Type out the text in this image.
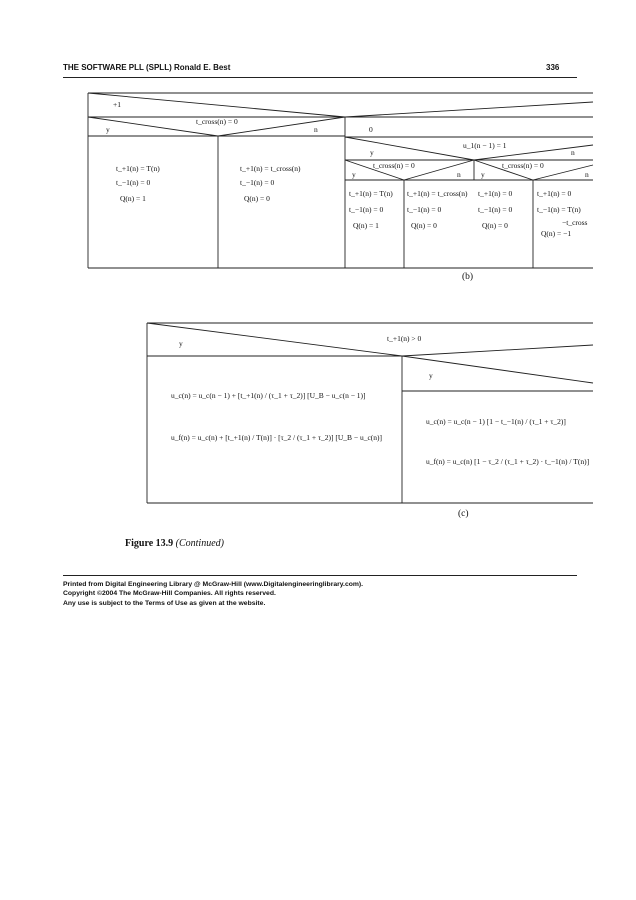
THE SOFTWARE PLL (SPLL) Ronald E. Best	336
+1
t_cross(n) = 0
y	n	0
u_1(n − 1) = 1
y	n
t_cross(n) = 0	t_cross(n) = 0
y	n	y	n
t_+1(n) = T(n)
t_−1(n) = 0
Q(n) = 1
t_+1(n) = t_cross(n)
t_−1(n) = 0
Q(n) = 0
t_+1(n) = T(n)
t_−1(n) = 0
Q(n) = 1
t_+1(n) = t_cross(n)
t_−1(n) = 0
Q(n) = 0
t_+1(n) = 0
t_−1(n) = 0
Q(n) = 0
t_+1(n) = 0
t_−1(n) = T(n)
−t_cross
Q(n) = −1
y
t_+1(n) > 0
y
u_c(n) = u_c(n − 1) + [t_+1(n) / (τ_1 + τ_2)] [U_B − u_c(n − 1)]
u_f(n) = u_c(n) + [t_+1(n) / T(n)] · [τ_2 / (τ_1 + τ_2)] [U_B − u_c(n)]
u_c(n) = u_c(n − 1) [1 − t_−1(n) / (τ_1 + τ_2)]
u_f(n) = u_c(n) [1 − τ_2 / (τ_1 + τ_2) · t_−1(n) / T(n)]
(b)
(c)
Figure 13.9 (Continued)
Printed from Digital Engineering Library @ McGraw-Hill (www.Digitalengineeringlibrary.com).
Copyright ©2004 The McGraw-Hill Companies. All rights reserved.
Any use is subject to the Terms of Use as given at the website.
